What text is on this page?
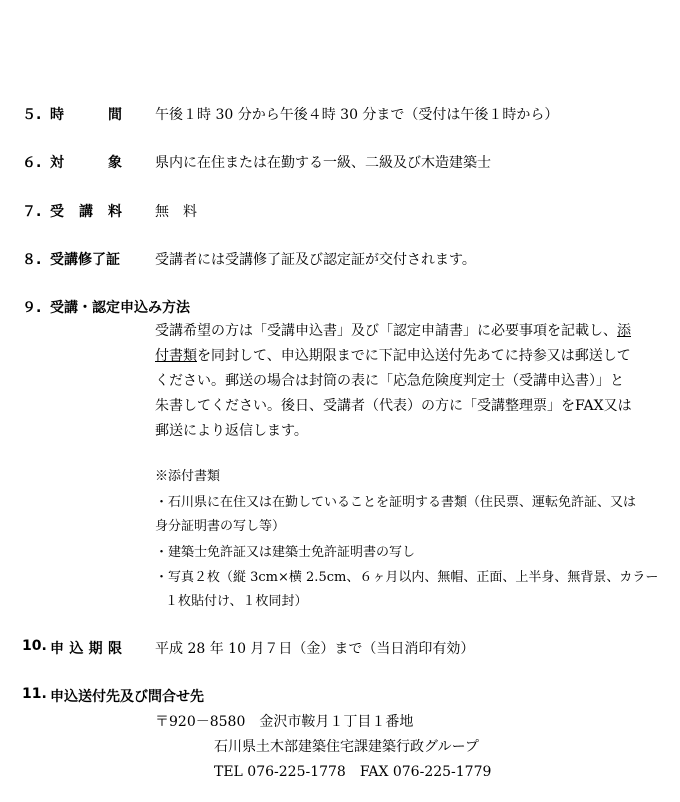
５. 時	間 午後１時 30 分から午後４時 30 分まで（受付は午後１時から）
６. 対	象 県内に在住または在勤する一級、二級及び木造建築士
７. 受 講 料 無　料
８. 受講修了証	受講者には受講修了証及び認定証が交付されます。
９. 受講・認定申込み方法
受講希望の方は「受講申込書」及び「認定申請書」に必要事項を記載し、添
付書類を同封して、申込期限までに下記申込送付先あてに持参又は郵送して
ください。郵送の場合は封筒の表に「応急危険度判定士（受講申込書）」と
朱書してください。後日、受講者（代表）の方に「受講整理票」をFAX又は
郵送により返信します。
※添付書類
・石川県に在住又は在勤していることを証明する書類（住民票、運転免許証、又は
身分証明書の写し等）
・建築士免許証又は建築士免許証明書の写し
・写真２枚（縦 3cm×横 2.5cm、６ヶ月以内、無帽、正面、上半身、無背景、カラー
１枚貼付け、１枚同封）
10. 申 込 期 限 平成 28 年 10 月７日（金）まで（当日消印有効）
11. 申込送付先及び問合せ先
〒920－8580　金沢市鞍月１丁目１番地
石川県土木部建築住宅課建築行政グループ
TEL 076-225-1778　FAX 076-225-1779
